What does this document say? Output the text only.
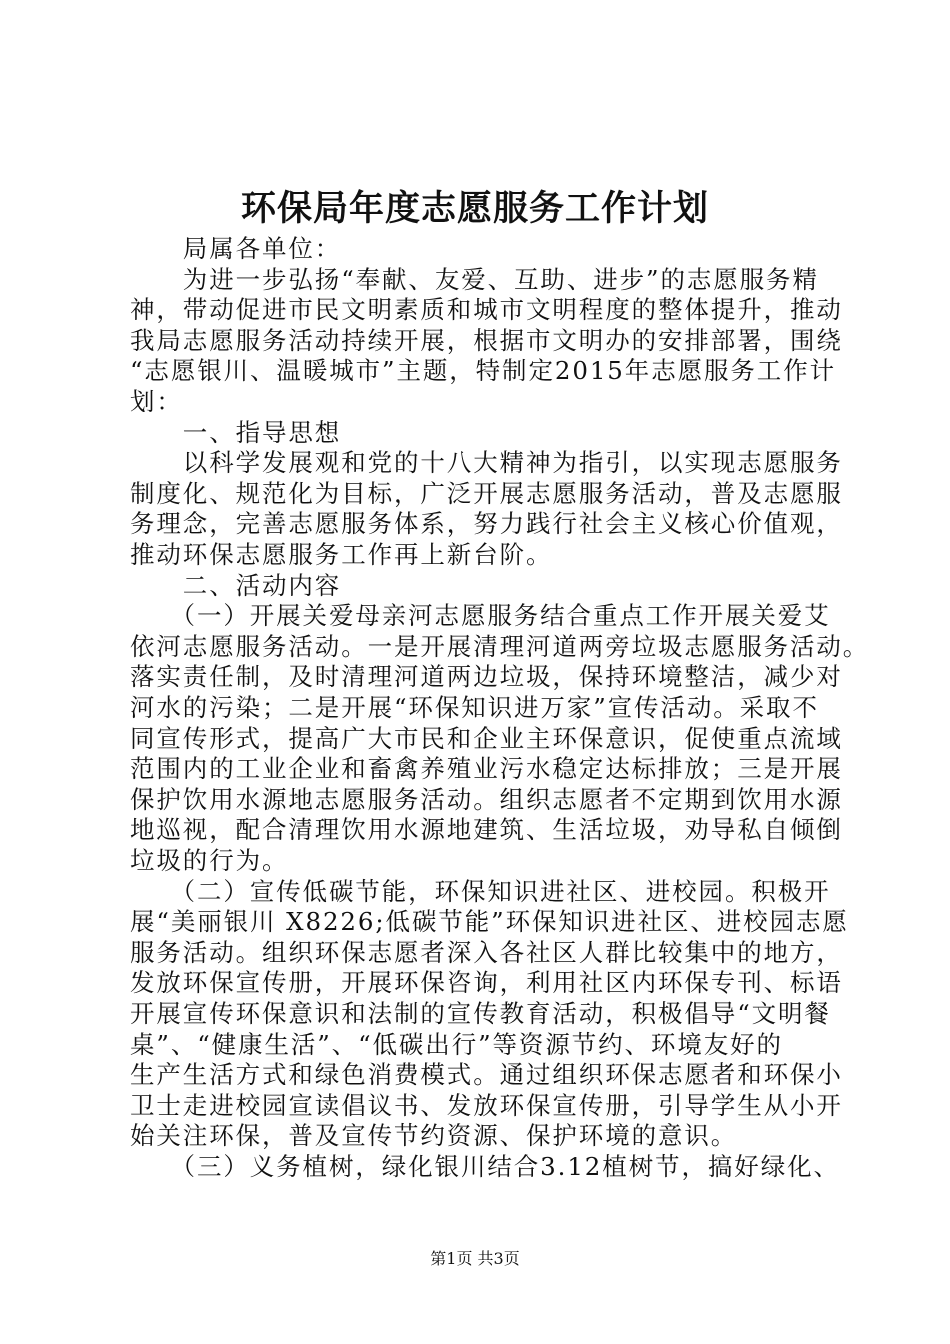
环保局年度志愿服务工作计划
　　局属各单位：
　　为进一步弘扬“奉献、友爱、互助、进步”的志愿服务精
神，带动促进市民文明素质和城市文明程度的整体提升，推动
我局志愿服务活动持续开展，根据市文明办的安排部署，围绕
“志愿银川、温暖城市”主题，特制定2015年志愿服务工作计
划：
　　一、指导思想
　　以科学发展观和党的十八大精神为指引，以实现志愿服务
制度化、规范化为目标，广泛开展志愿服务活动，普及志愿服
务理念，完善志愿服务体系，努力践行社会主义核心价值观，
推动环保志愿服务工作再上新台阶。
　　二、活动内容
　　（一）开展关爱母亲河志愿服务结合重点工作开展关爱艾
依河志愿服务活动。一是开展清理河道两旁垃圾志愿服务活动。
落实责任制，及时清理河道两边垃圾，保持环境整洁，减少对
河水的污染；二是开展“环保知识进万家”宣传活动。采取不
同宣传形式，提高广大市民和企业主环保意识，促使重点流域
范围内的工业企业和畜禽养殖业污水稳定达标排放；三是开展
保护饮用水源地志愿服务活动。组织志愿者不定期到饮用水源
地巡视，配合清理饮用水源地建筑、生活垃圾，劝导私自倾倒
垃圾的行为。
　　（二）宣传低碳节能，环保知识进社区、进校园。积极开
展“美丽银川 X8226;低碳节能”环保知识进社区、进校园志愿
服务活动。组织环保志愿者深入各社区人群比较集中的地方，
发放环保宣传册，开展环保咨询，利用社区内环保专刊、标语
开展宣传环保意识和法制的宣传教育活动，积极倡导“文明餐
桌”、“健康生活”、“低碳出行”等资源节约、环境友好的
生产生活方式和绿色消费模式。通过组织环保志愿者和环保小
卫士走进校园宣读倡议书、发放环保宣传册，引导学生从小开
始关注环保，普及宣传节约资源、保护环境的意识。
　　（三）义务植树，绿化银川结合3.12植树节，搞好绿化、
第1页 共3页
